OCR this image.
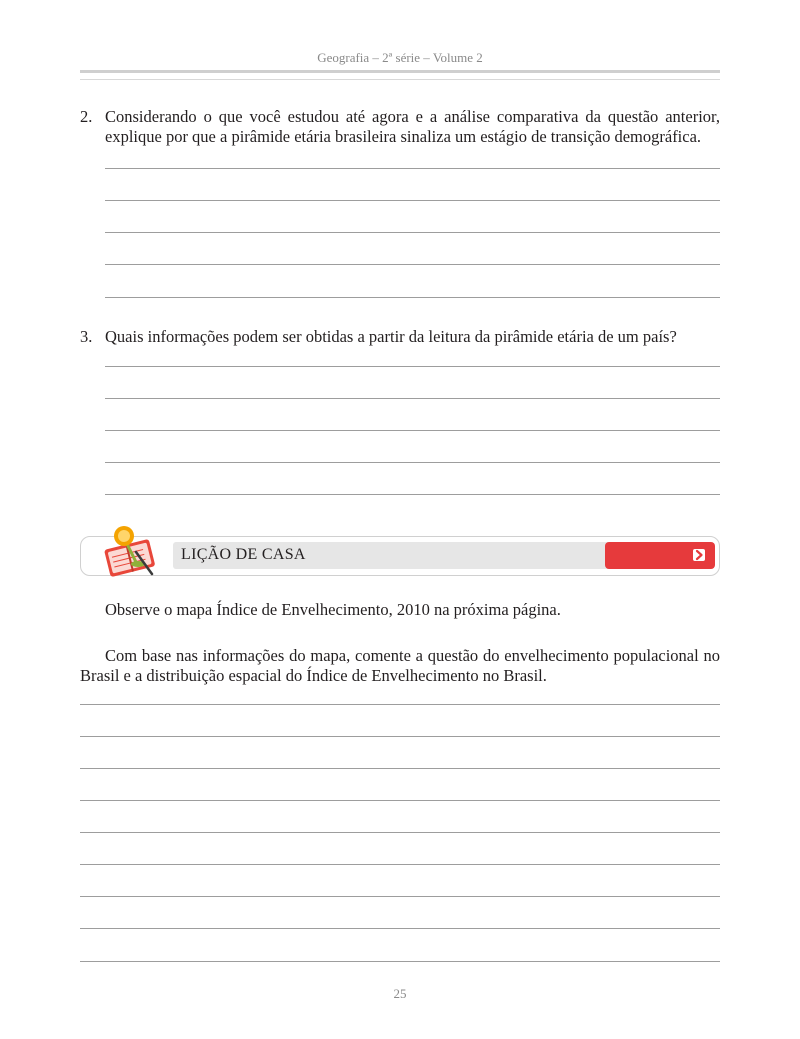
Geografia – 2ª série – Volume 2
2. Considerando o que você estudou até agora e a análise comparativa da questão anterior, explique por que a pirâmide etária brasileira sinaliza um estágio de transição demográfica.
3. Quais informações podem ser obtidas a partir da leitura da pirâmide etária de um país?
LIÇÃO DE CASA
Observe o mapa Índice de Envelhecimento, 2010 na próxima página.
Com base nas informações do mapa, comente a questão do envelhecimento populacional no Brasil e a distribuição espacial do Índice de Envelhecimento no Brasil.
25
